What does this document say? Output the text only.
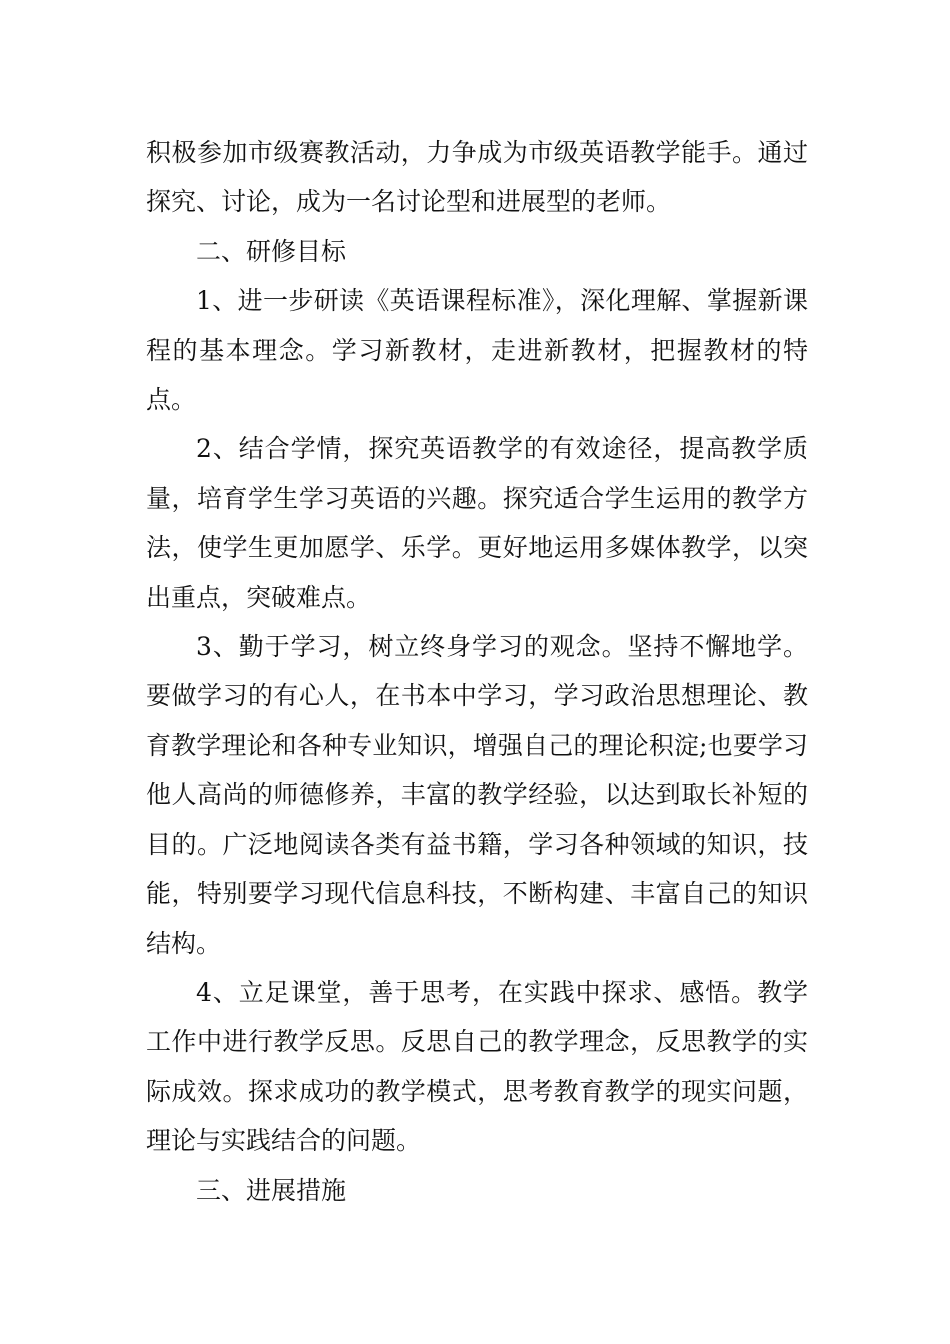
积极参加市级赛教活动，力争成为市级英语教学能手。通过探究、讨论，成为一名讨论型和进展型的老师。

二、研修目标

1、进一步研读《英语课程标准》，深化理解、掌握新课程的基本理念。学习新教材，走进新教材，把握教材的特点。

2、结合学情，探究英语教学的有效途径，提高教学质量，培育学生学习英语的兴趣。探究适合学生运用的教学方法，使学生更加愿学、乐学。更好地运用多媒体教学，以突出重点，突破难点。

3、勤于学习，树立终身学习的观念。坚持不懈地学。要做学习的有心人，在书本中学习，学习政治思想理论、教育教学理论和各种专业知识，增强自己的理论积淀;也要学习他人高尚的师德修养，丰富的教学经验，以达到取长补短的目的。广泛地阅读各类有益书籍，学习各种领域的知识，技能，特别要学习现代信息科技，不断构建、丰富自己的知识结构。

4、立足课堂，善于思考，在实践中探求、感悟。教学工作中进行教学反思。反思自己的教学理念，反思教学的实际成效。探求成功的教学模式，思考教育教学的现实问题，理论与实践结合的问题。

三、进展措施
